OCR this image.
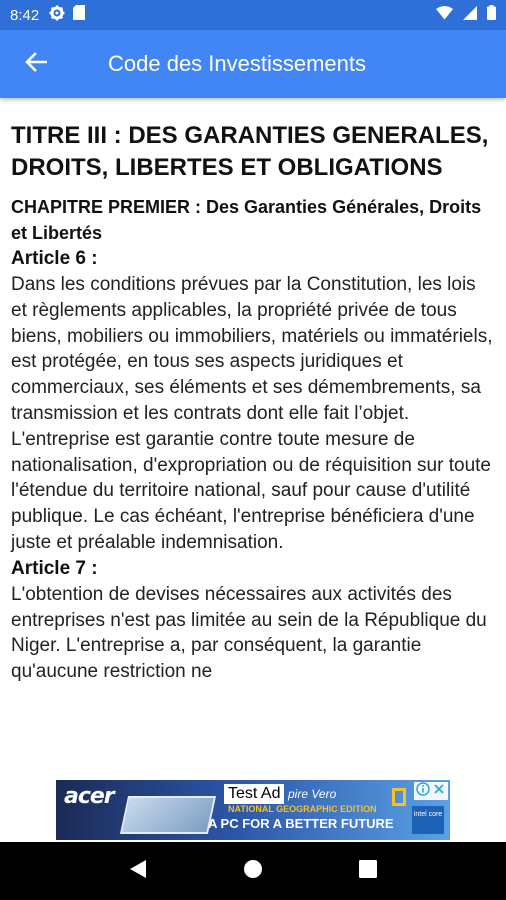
8:42
Code des Investissements
TITRE III : DES GARANTIES GENERALES, DROITS, LIBERTES ET OBLIGATIONS
CHAPITRE PREMIER : Des Garanties Générales, Droits et Libertés
Article 6 :
Dans les conditions prévues par la Constitution, les lois et règlements applicables, la propriété privée de tous biens, mobiliers ou immobiliers, matériels ou immatériels, est protégée, en tous ses aspects juridiques et commerciaux, ses éléments et ses démembrements, sa transmission et les contrats dont elle fait l’objet.
L'entreprise est garantie contre toute mesure de nationalisation, d'expropriation ou de réquisition sur toute l'étendue du territoire national, sauf pour cause d'utilité publique. Le cas échéant, l'entreprise bénéficiera d'une juste et préalable indemnisation.
Article 7 :
L'obtention de devises nécessaires aux activités des entreprises n'est pas limitée au sein de la République du Niger. L'entreprise a, par conséquent, la garantie qu'aucune restriction ne
acer	Test Ad pire Vero
NATIONAL GEOGRAPHIC EDITION
A PC FOR A BETTER FUTURE
intel core
